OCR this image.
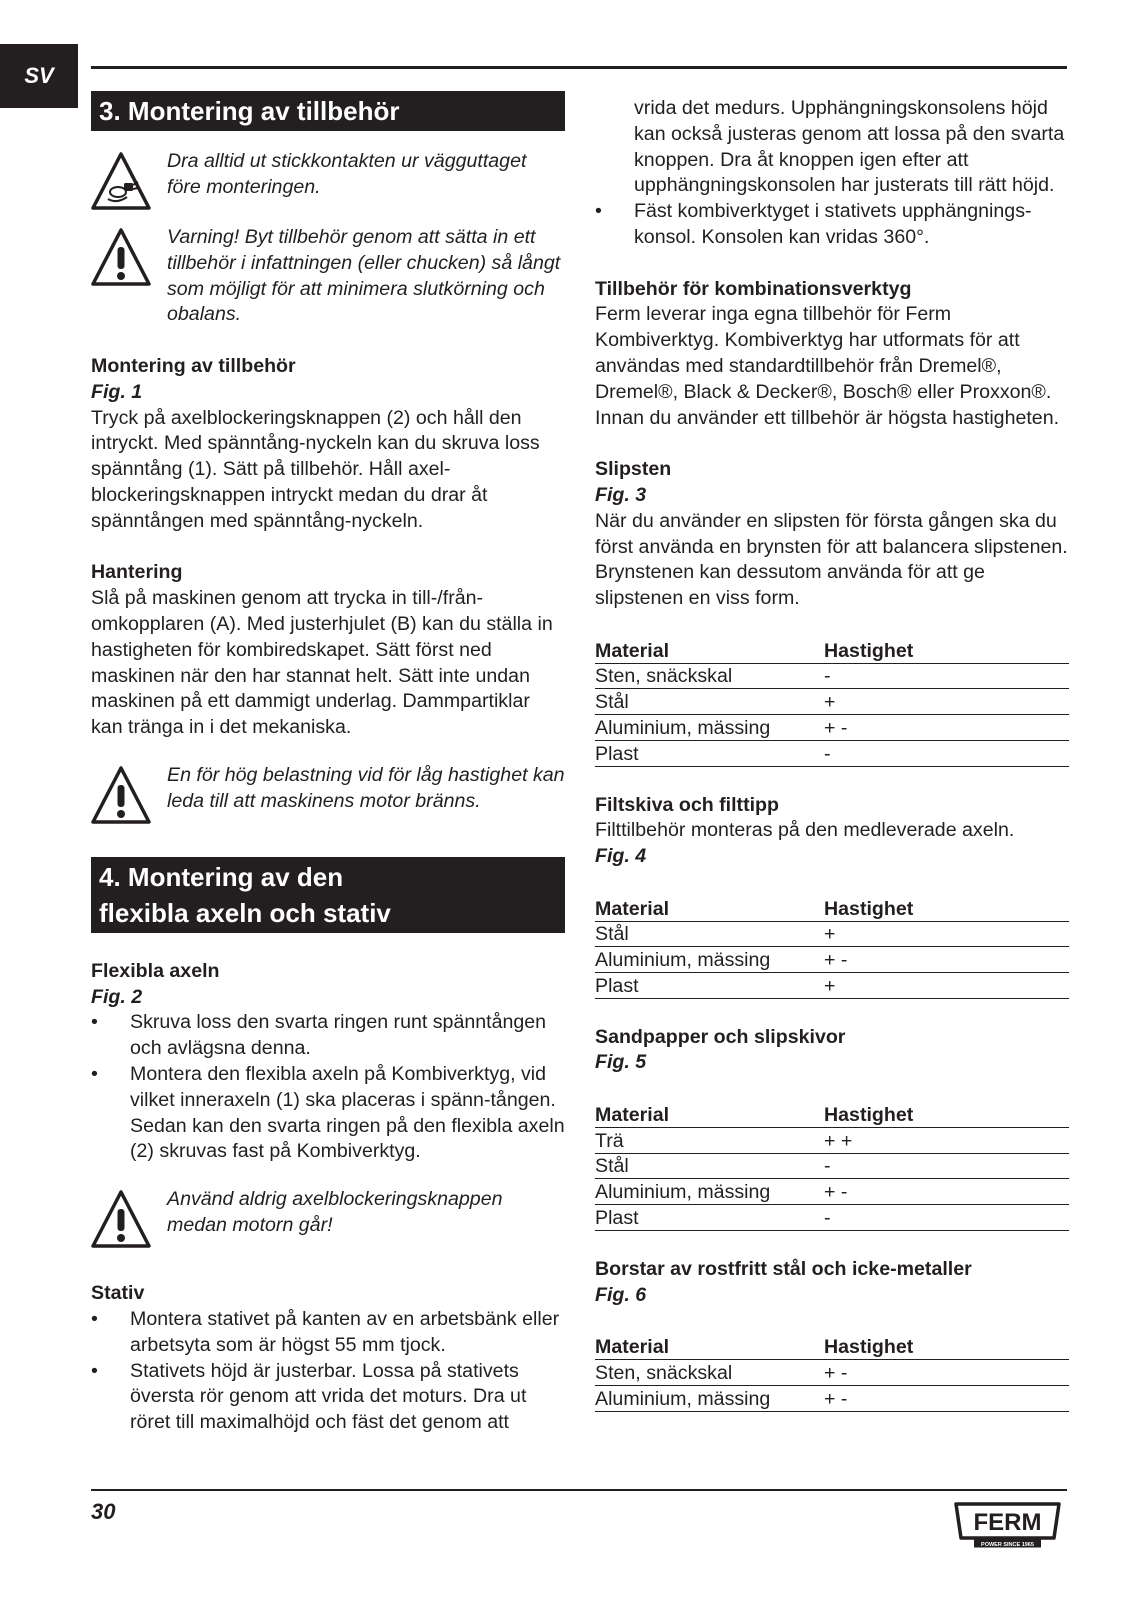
SV
3. Montering av tillbehör
Dra alltid ut stickkontakten ur vägguttaget före monteringen.
Varning! Byt tillbehör genom att sätta in ett tillbehör i infattningen (eller chucken) så långt som möjligt för att minimera slutkörning och obalans.
Montering av tillbehör
Fig. 1

Tryck på axelblockeringsknappen (2) och håll den intryckt. Med spänntång-nyckeln kan du skruva loss spänntång (1). Sätt på tillbehör. Håll axel-blockeringsknappen intryckt medan du drar åt spänntången med spänntång-nyckeln.

Hantering

Slå på maskinen genom att trycka in till-/från-omkopplaren (A). Med justerhjulet (B) kan du ställa in hastigheten för kombiredskapet. Sätt först ned maskinen när den har stannat helt. Sätt inte undan maskinen på ett dammigt underlag. Dammpartiklar kan tränga in i det mekaniska.

En för hög belastning vid för låg hastighet kan leda till att maskinens motor bränns.
4. Montering av den
flexibla axeln och stativ
Flexibla axeln
Fig. 2
• Skruva loss den svarta ringen runt spänntången och avlägsna denna.
• Montera den flexibla axeln på Kombiverktyg, vid vilket inneraxeln (1) ska placeras i spänn-tången. Sedan kan den svarta ringen på den flexibla axeln (2) skruvas fast på Kombiverktyg.
Använd aldrig axelblockeringsknappen medan motorn går!
Stativ
• Montera stativet på kanten av en arbetsbänk eller arbetsyta som är högst 55 mm tjock.
• Stativets höjd är justerbar. Lossa på stativets översta rör genom att vrida det moturs. Dra ut röret till maximalhöjd och fäst det genom att

vrida det medurs. Upphängningskonsolens höjd kan också justeras genom att lossa på den svarta knoppen. Dra åt knoppen igen efter att upphängningskonsolen har justerats till rätt höjd.

• Fäst kombiverktyget i stativets upphängnings-konsol. Konsolen kan vridas 360°.
Tillbehör för kombinationsverktyg

Ferm leverar inga egna tillbehör för Ferm Kombiverktyg. Kombiverktyg har utformats för att användas med standardtillbehör från Dremel®, Dremel®, Black & Decker®, Bosch® eller Proxxon®. Innan du använder ett tillbehör är högsta hastigheten.

Slipsten
Fig. 3

När du använder en slipsten för första gången ska du först använda en brynsten för att balancera slipstenen. Brynstenen kan dessutom använda för att ge slipstenen en viss form.

Material	Hastighet
Sten, snäckskal	-
Stål	+
Aluminium, mässing	+ -
Plast	-
Filtskiva och filttipp

Filttilbehör monteras på den medleverade axeln.

Fig. 4
Material	Hastighet
Stål	+
Aluminium, mässing	+ -
Plast	+
Sandpapper och slipskivor
Fig. 5
Material	Hastighet
Trä	+ +
Stål	-
Aluminium, mässing	+ -
Plast	-
Borstar av rostfritt stål och icke-metaller
Fig. 6
Material	Hastighet
Sten, snäckskal	+ -
Aluminium, mässing	+ -
30	FERM
POWER SINCE 1965
